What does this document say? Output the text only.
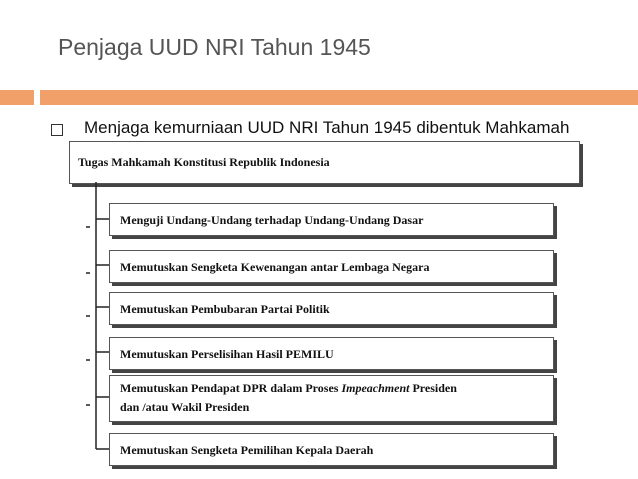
Penjaga UUD NRI Tahun 1945
Menjaga kemurniaan UUD NRI Tahun 1945 dibentuk Mahkamah
Tugas Mahkamah Konstitusi Republik Indonesia
Menguji Undang-Undang terhadap Undang-Undang Dasar
Memutuskan Sengketa Kewenangan antar Lembaga Negara
Memutuskan Pembubaran Partai Politik
Memutuskan Perselisihan Hasil PEMILU
Memutuskan Pendapat DPR dalam Proses Impeachment Presiden
dan /atau Wakil Presiden
Memutuskan Sengketa Pemilihan Kepala Daerah
